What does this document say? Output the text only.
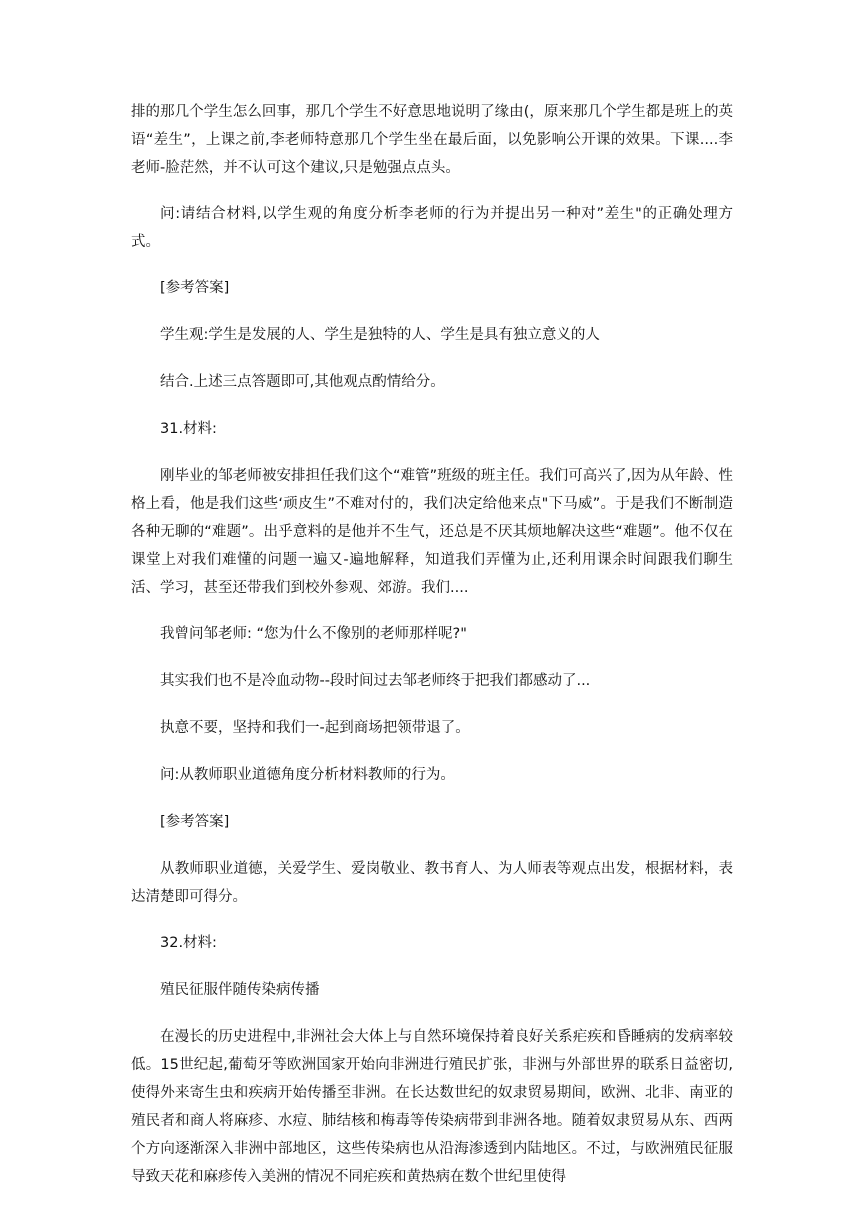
排的那几个学生怎么回事，那几个学生不好意思地说明了缘由(，原来那几个学生都是班上的英语“差生”，上课之前,李老师特意那几个学生坐在最后面，以免影响公开课的效果。下课....李老师-脸茫然，并不认可这个建议,只是勉强点点头。

问:请结合材料,以学生观的角度分析李老师的行为并提出另一种对”差生"的正确处理方式。

[参考答案]

学生观:学生是发展的人、学生是独特的人、学生是具有独立意义的人

结合.上述三点答题即可,其他观点酌情给分。

31.材料:

刚毕业的邹老师被安排担任我们这个“难管”班级的班主任。我们可高兴了,因为从年龄、性格上看，他是我们这些‘顽皮生”不难对付的，我们决定给他来点"下马威”。于是我们不断制造各种无聊的“难题”。出乎意料的是他并不生气，还总是不厌其烦地解决这些“难题”。他不仅在课堂上对我们难懂的问题一遍又-遍地解释，知道我们弄懂为止,还利用课余时间跟我们聊生活、学习，甚至还带我们到校外参观、郊游。我们....

我曾问邹老师: “您为什么不像别的老师那样呢?"

其实我们也不是冷血动物--段时间过去邹老师终于把我们都感动了...

执意不要，坚持和我们一-起到商场把领带退了。

问:从教师职业道德角度分析材料教师的行为。

[参考答案]

从教师职业道德，关爱学生、爱岗敬业、教书育人、为人师表等观点出发，根据材料，表达清楚即可得分。

32.材料:

殖民征服伴随传染病传播

在漫长的历史进程中,非洲社会大体上与自然环境保持着良好关系疟疾和昏睡病的发病率较低。15世纪起,葡萄牙等欧洲国家开始向非洲进行殖民扩张，非洲与外部世界的联系日益密切,使得外来寄生虫和疾病开始传播至非洲。在长达数世纪的奴隶贸易期间，欧洲、北非、南亚的殖民者和商人将麻疹、水痘、肺结核和梅毒等传染病带到非洲各地。随着奴隶贸易从东、西两个方向逐渐深入非洲中部地区，这些传染病也从沿海渗透到内陆地区。不过，与欧洲殖民征服导致天花和麻疹传入美洲的情况不同疟疾和黄热病在数个世纪里使得
